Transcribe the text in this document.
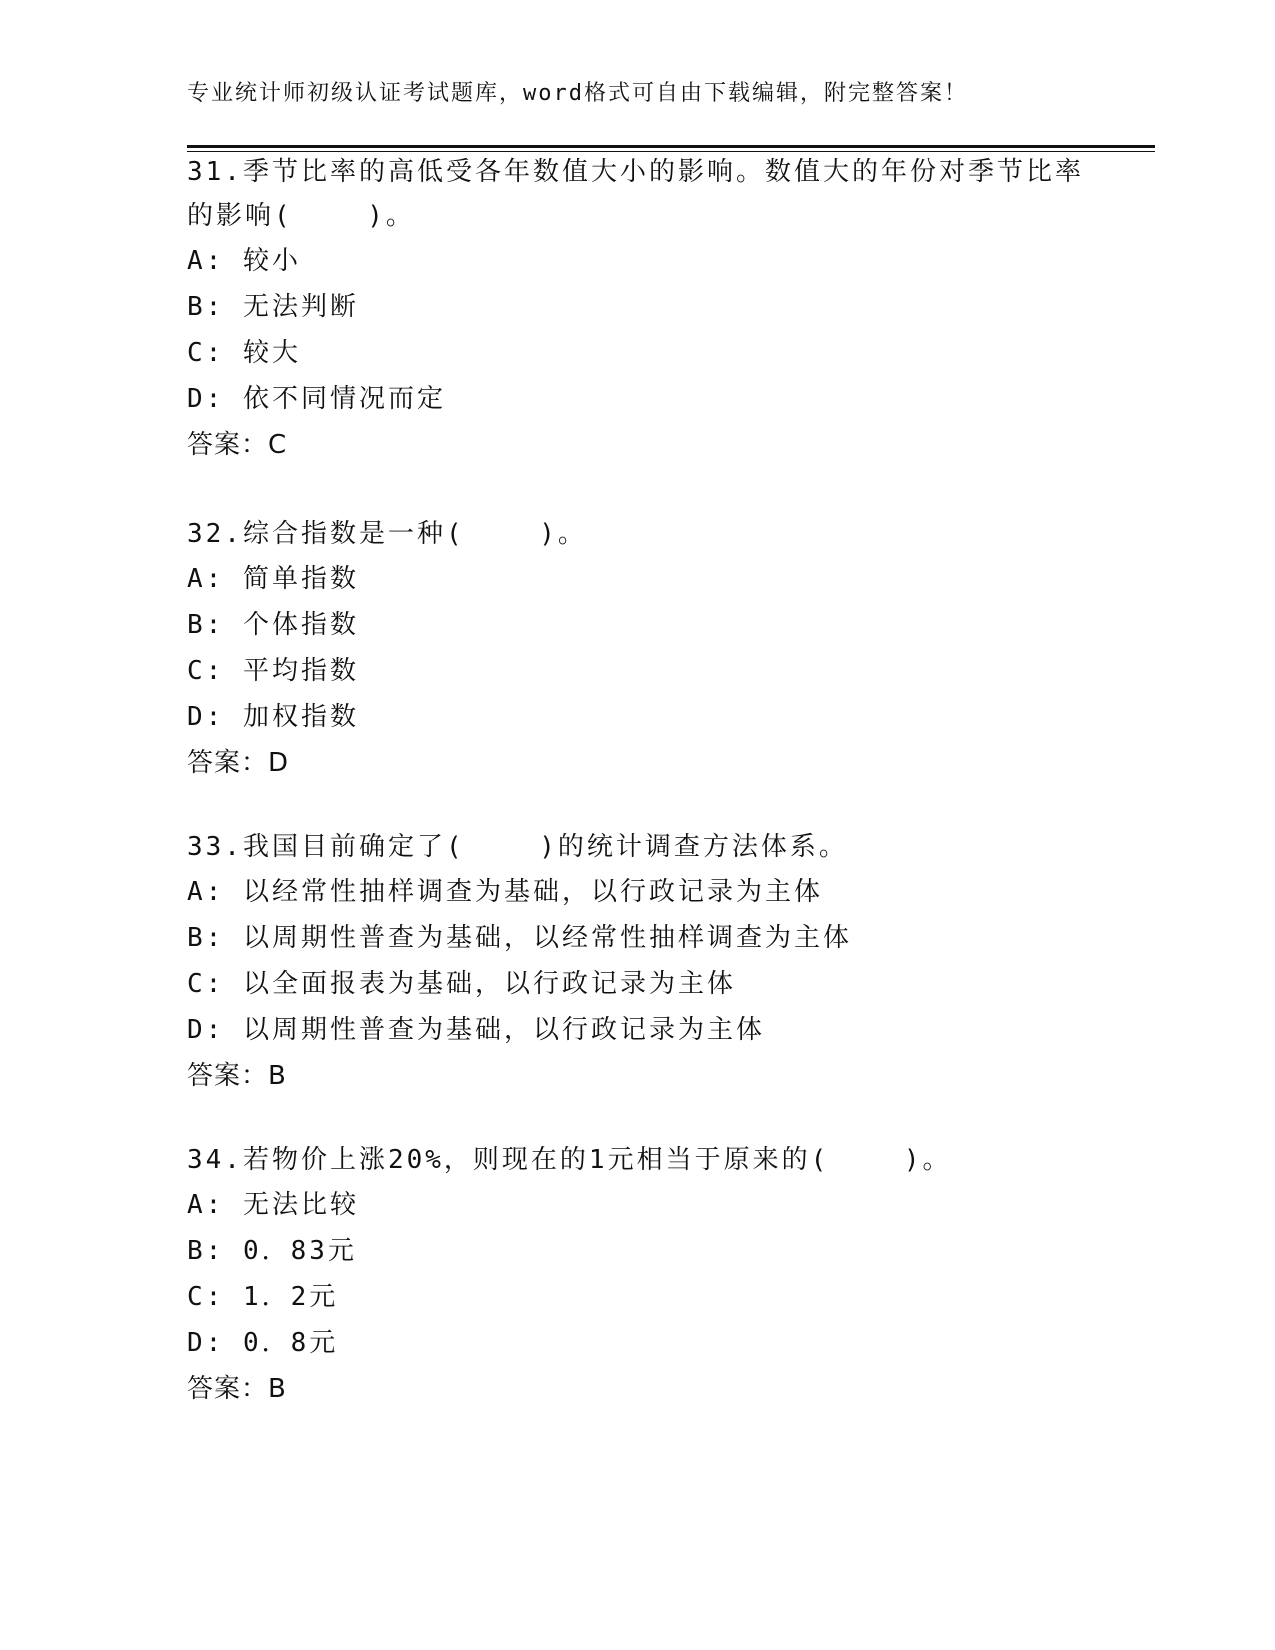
专业统计师初级认证考试题库，word格式可自由下载编辑，附完整答案！

31.季节比率的高低受各年数值大小的影响。数值大的年份对季节比率

的影响(    )。

A: 较小

B: 无法判断

C: 较大

D: 依不同情况而定

答案：C

32.综合指数是一种(    )。

A: 简单指数

B: 个体指数

C: 平均指数

D: 加权指数

答案：D

33.我国目前确定了(    )的统计调查方法体系。

A: 以经常性抽样调查为基础，以行政记录为主体

B: 以周期性普查为基础，以经常性抽样调查为主体

C: 以全面报表为基础，以行政记录为主体

D: 以周期性普查为基础，以行政记录为主体

答案：B

34.若物价上涨20%，则现在的1元相当于原来的(    )。

A: 无法比较

B: 0．83元

C: 1．2元

D: 0．8元

答案：B
